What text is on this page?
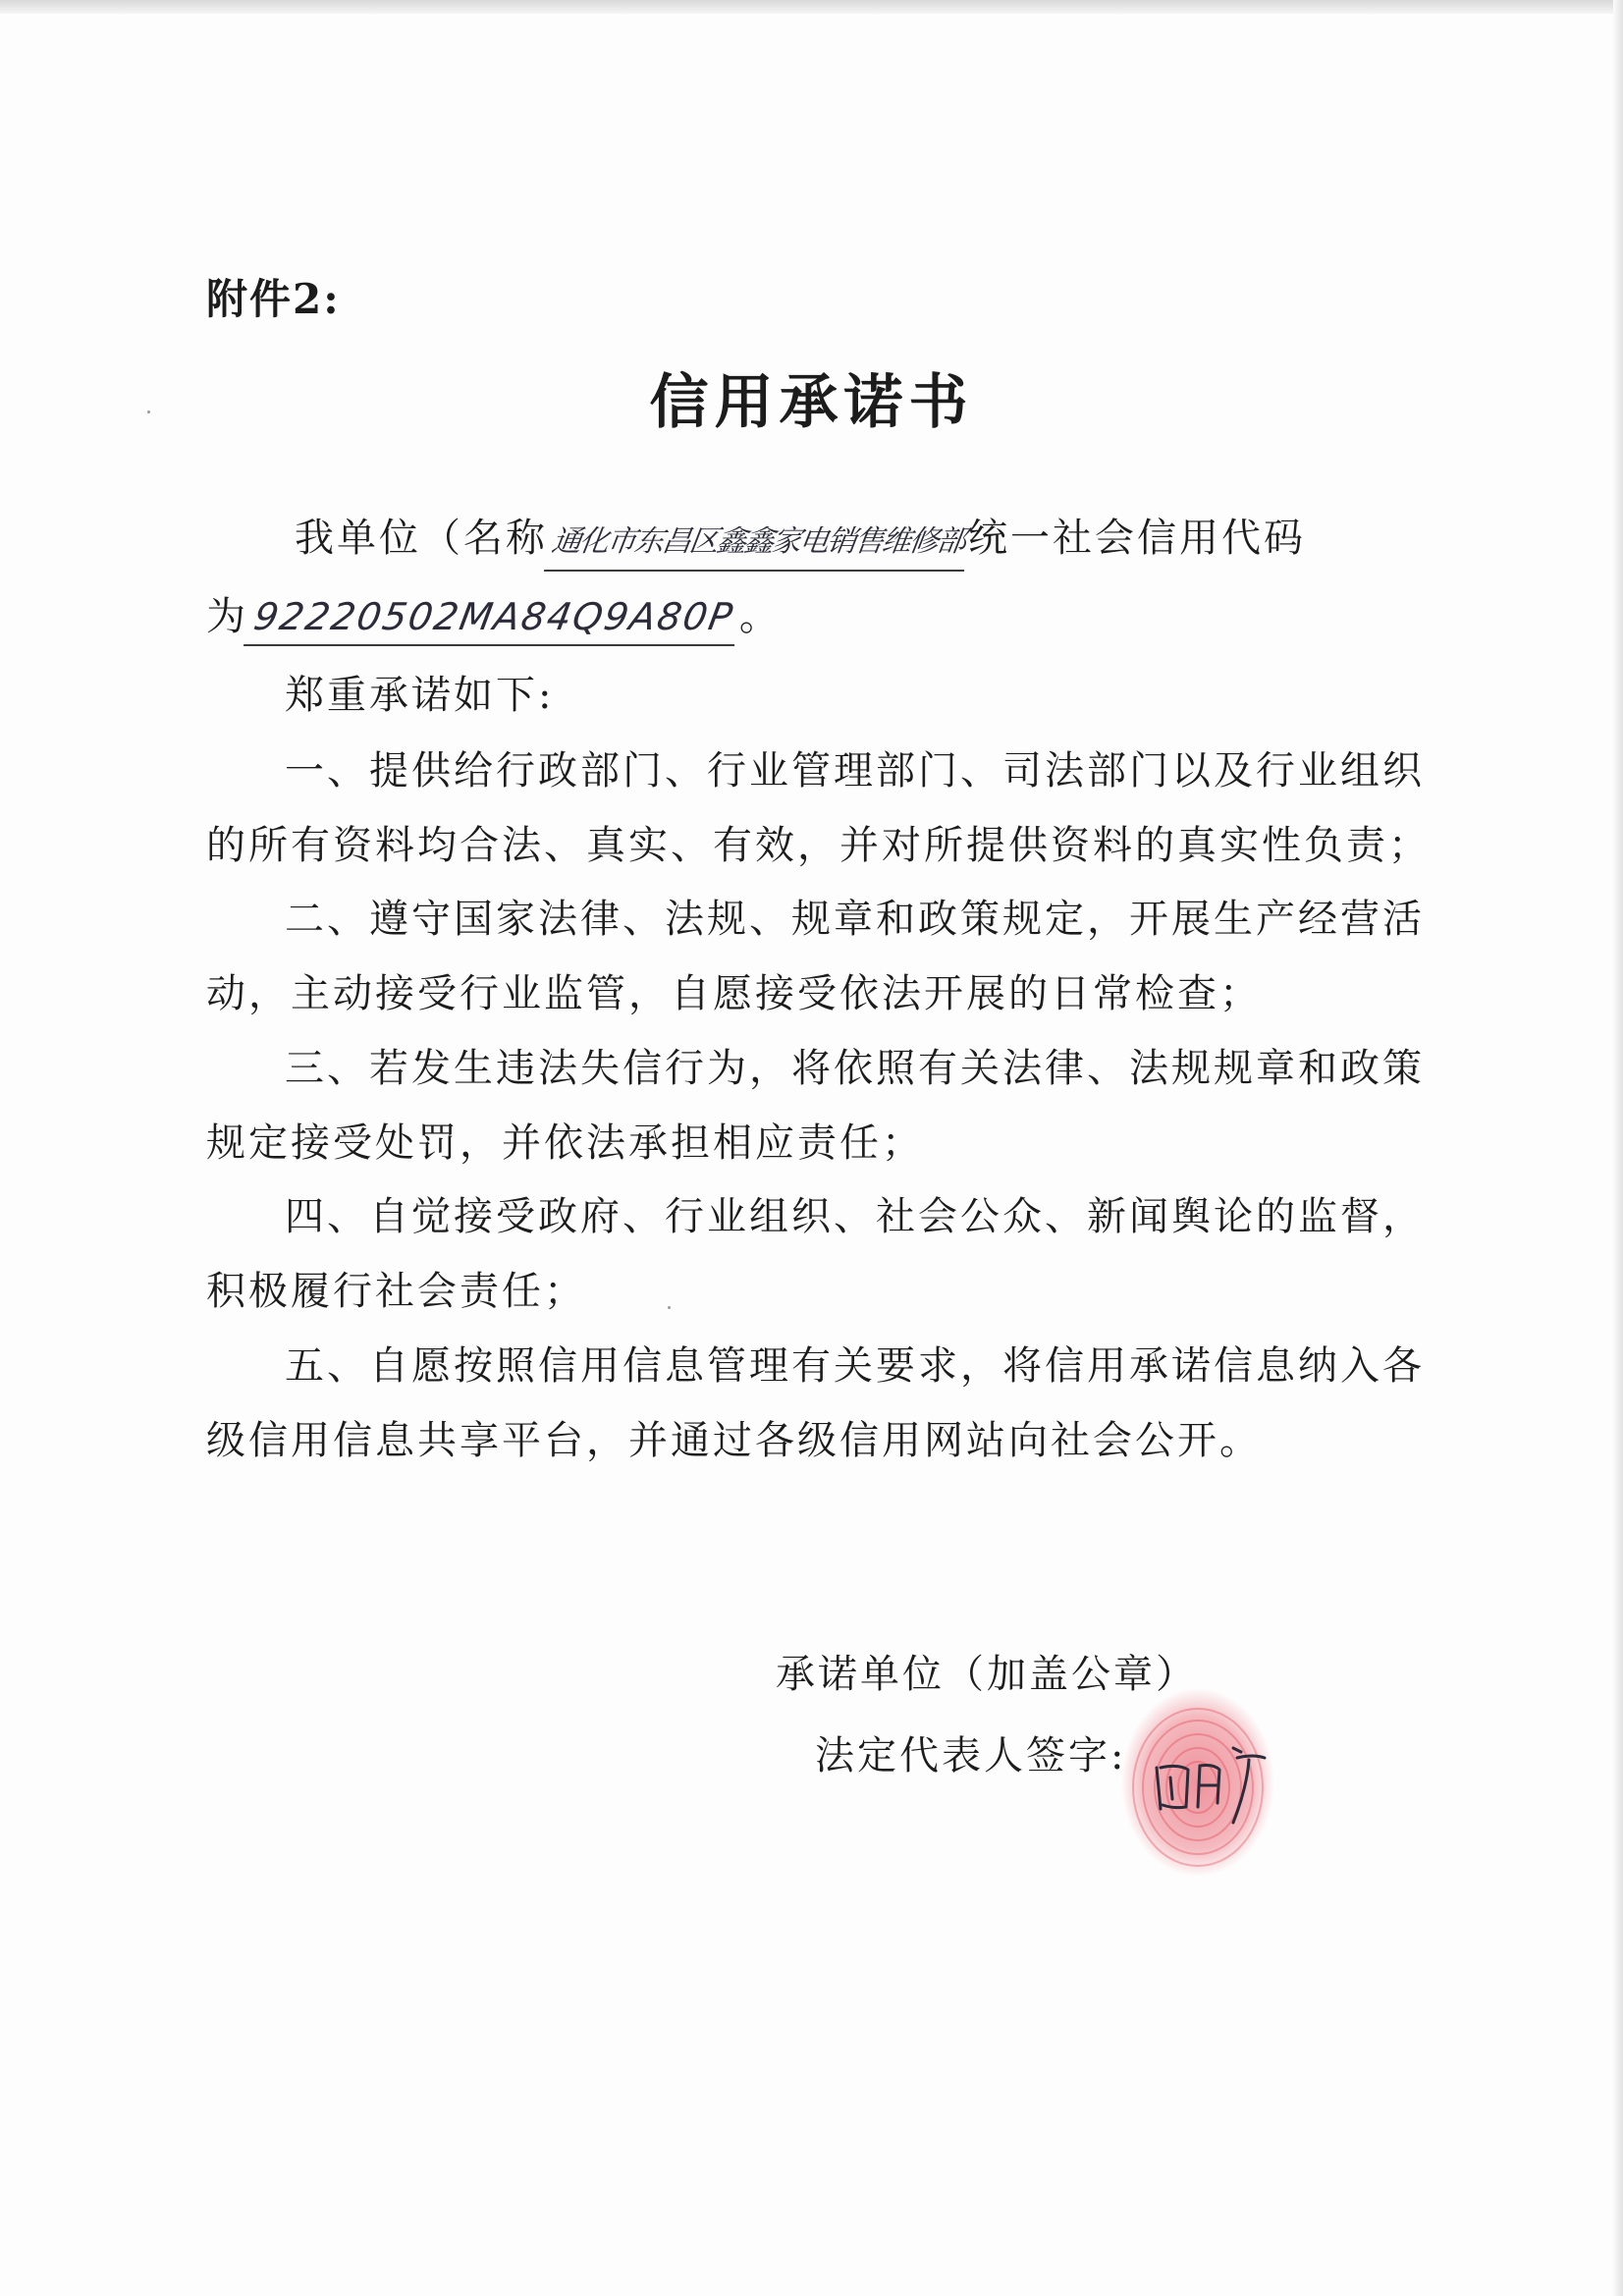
附件2:
信用承诺书
我单位（名称通化市东昌区鑫鑫家电销售维修部统一社会信用代码
为92220502MA84Q9A80P。
郑重承诺如下:
一、提供给行政部门、行业管理部门、司法部门以及行业组织
的所有资料均合法、真实、有效，并对所提供资料的真实性负责；
二、遵守国家法律、法规、规章和政策规定，开展生产经营活
动，主动接受行业监管，自愿接受依法开展的日常检查；
三、若发生违法失信行为，将依照有关法律、法规规章和政策
规定接受处罚，并依法承担相应责任；
四、自觉接受政府、行业组织、社会公众、新闻舆论的监督，
积极履行社会责任；
五、自愿按照信用信息管理有关要求，将信用承诺信息纳入各
级信用信息共享平台，并通过各级信用网站向社会公开。
承诺单位（加盖公章）
法定代表人签字:
